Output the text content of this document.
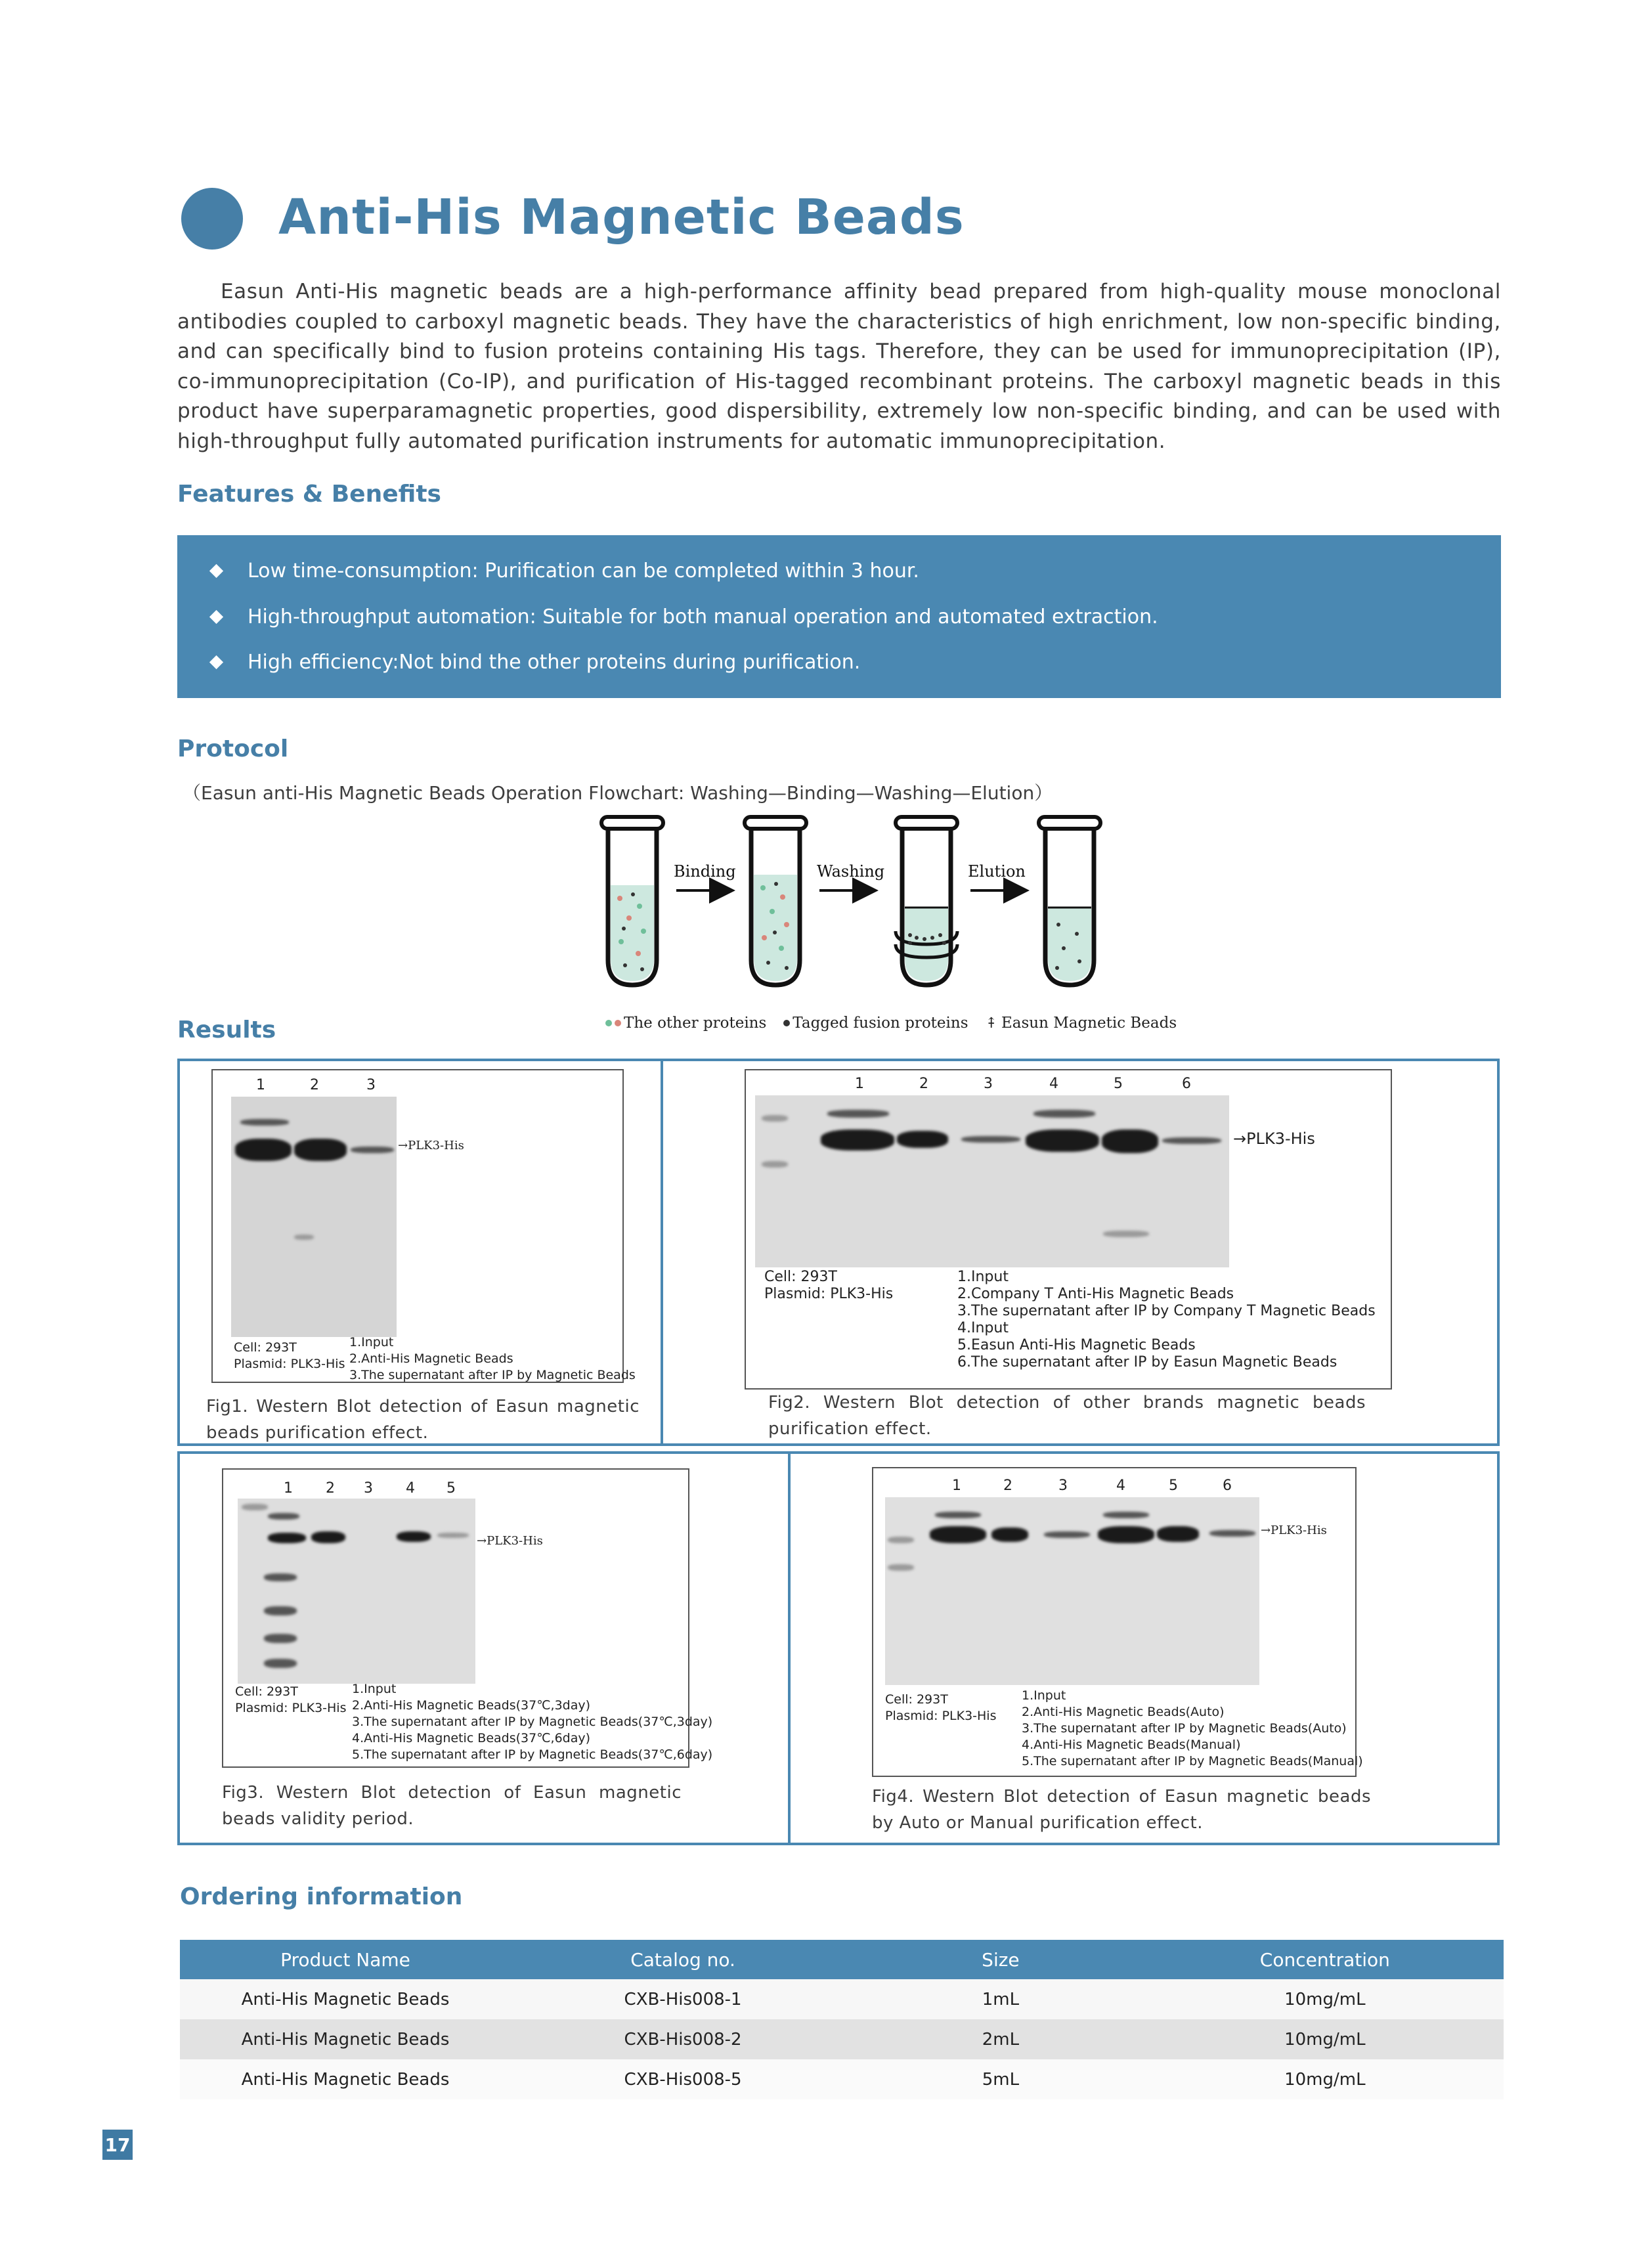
Anti-His Magnetic Beads
Easun Anti-His magnetic beads are a high-performance affinity bead prepared from high-quality mouse monoclonal antibodies coupled to carboxyl magnetic beads. They have the characteristics of high enrichment, low non-specific binding, and can specifically bind to fusion proteins containing His tags. Therefore, they can be used for immunoprecipitation (IP), co-immunoprecipitation (Co-IP), and purification of His-tagged recombinant proteins. The carboxyl magnetic beads in this product have superparamagnetic properties, good dispersibility, extremely low non-specific binding, and can be used with high-throughput fully automated purification instruments for automatic immunoprecipitation.
Features & Benefits
Low time-consumption: Purification can be completed within 3 hour.
High-throughput automation: Suitable for both manual operation and automated extraction.
High efficiency:Not bind the other proteins during purification.
Protocol
（Easun anti-His Magnetic Beads Operation Flowchart: Washing—Binding—Washing—Elution）
Binding	Washing	Elution
The other proteins Tagged fusion proteins ⤉ Easun Magnetic Beads
Results
1	2	3
→PLK3-His
Cell: 293T
Plasmid: PLK3-His
1.Input
2.Anti-His Magnetic Beads
3.The supernatant after IP by Magnetic Beads
Fig1. Western Blot detection of Easun magnetic beads purification effect.
1	2	3	4	5	6
→PLK3-His
Cell: 293T
Plasmid: PLK3-His
1.Input
2.Company T Anti-His Magnetic Beads
3.The supernatant after IP by Company T Magnetic Beads
4.Input
5.Easun Anti-His Magnetic Beads
6.The supernatant after IP by Easun Magnetic Beads
Fig2. Western Blot detection of other brands magnetic beads purification effect.
1 2 3 4 5
→PLK3-His
Cell: 293T
Plasmid: PLK3-His
1.Input
2.Anti-His Magnetic Beads(37℃,3day)
3.The supernatant after IP by Magnetic Beads(37℃,3day)
4.Anti-His Magnetic Beads(37℃,6day)
5.The supernatant after IP by Magnetic Beads(37℃,6day)
Fig3. Western Blot detection of Easun magnetic beads validity period.
1	2	3	4	5	6
→PLK3-His
Cell: 293T
Plasmid: PLK3-His
1.Input
2.Anti-His Magnetic Beads(Auto)
3.The supernatant after IP by Magnetic Beads(Auto)
4.Anti-His Magnetic Beads(Manual)
5.The supernatant after IP by Magnetic Beads(Manual)
Fig4. Western Blot detection of Easun magnetic beads by Auto or Manual purification effect.
Ordering information
Product Name	Catalog no.	Size	Concentration
Anti-His Magnetic Beads	CXB-His008-1	1mL	10mg/mL
Anti-His Magnetic Beads	CXB-His008-2	2mL	10mg/mL
Anti-His Magnetic Beads	CXB-His008-5	5mL	10mg/mL
17
